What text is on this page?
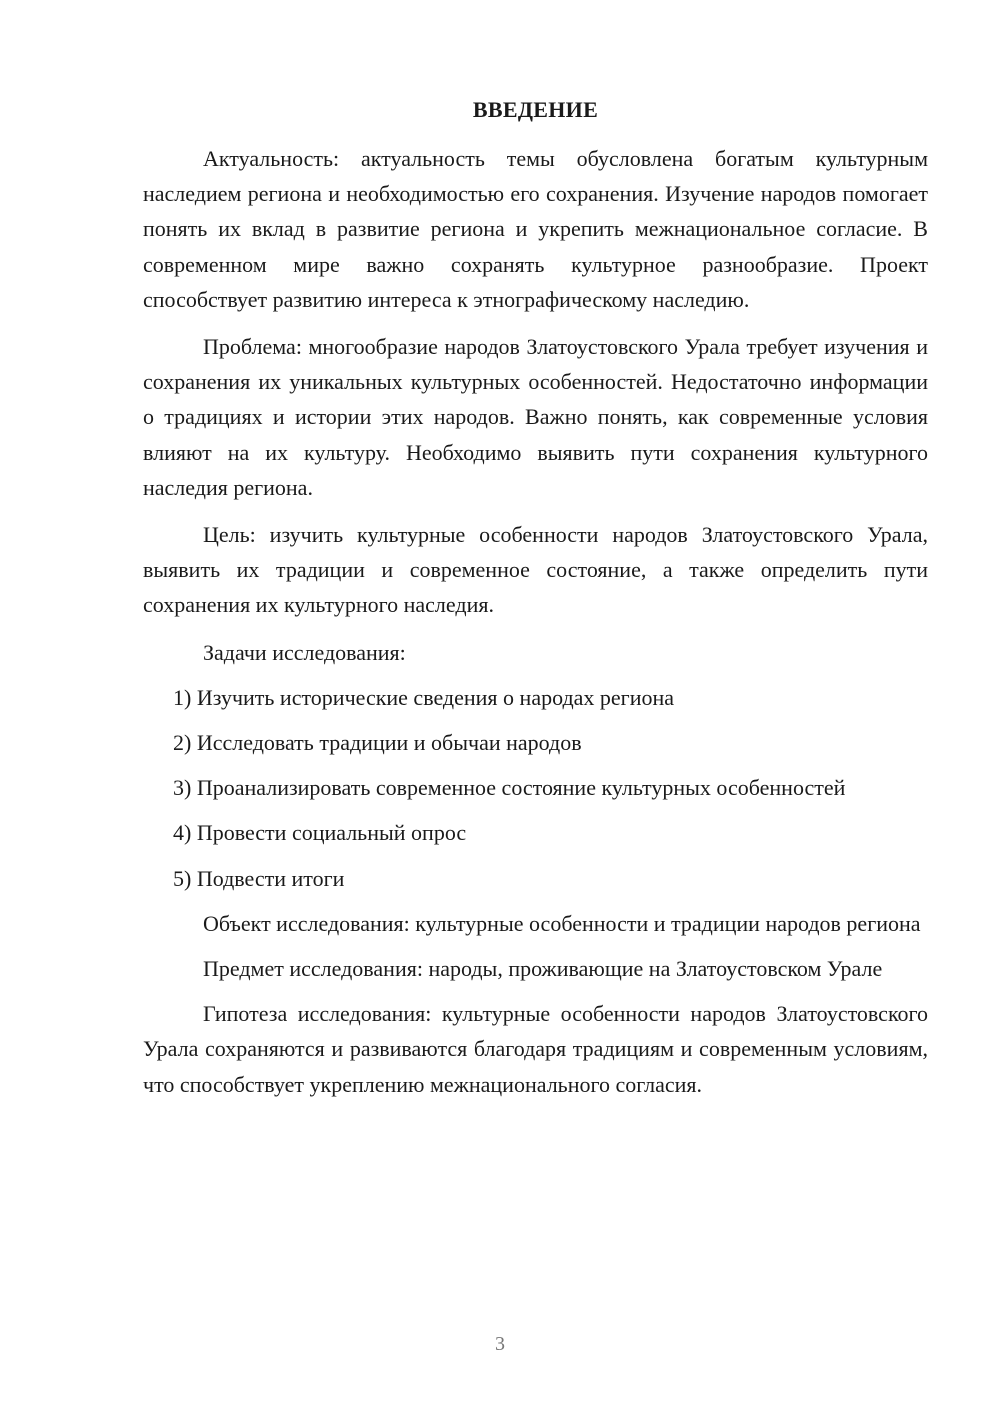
ВВЕДЕНИЕ

Актуальность: актуальность темы обусловлена богатым культурным наследием региона и необходимостью его сохранения. Изучение народов помогает понять их вклад в развитие региона и укрепить межнациональное согласие. В современном мире важно сохранять культурное разнообразие. Проект способствует развитию интереса к этнографическому наследию.

Проблема: многообразие народов Златоустовского Урала требует изучения и сохранения их уникальных культурных особенностей. Недостаточно информации о традициях и истории этих народов. Важно понять, как современные условия влияют на их культуру. Необходимо выявить пути сохранения культурного наследия региона.

Цель: изучить культурные особенности народов Златоустовского Урала, выявить их традиции и современное состояние, а также определить пути сохранения их культурного наследия.

Задачи исследования:

1) Изучить исторические сведения о народах региона

2) Исследовать традиции и обычаи народов

3) Проанализировать современное состояние культурных особенностей

4) Провести социальный опрос

5) Подвести итоги

Объект исследования: культурные особенности и традиции народов региона

Предмет исследования: народы, проживающие на Златоустовском Урале

Гипотеза исследования: культурные особенности народов Златоустовского Урала сохраняются и развиваются благодаря традициям и современным условиям, что способствует укреплению межнационального согласия.

3
